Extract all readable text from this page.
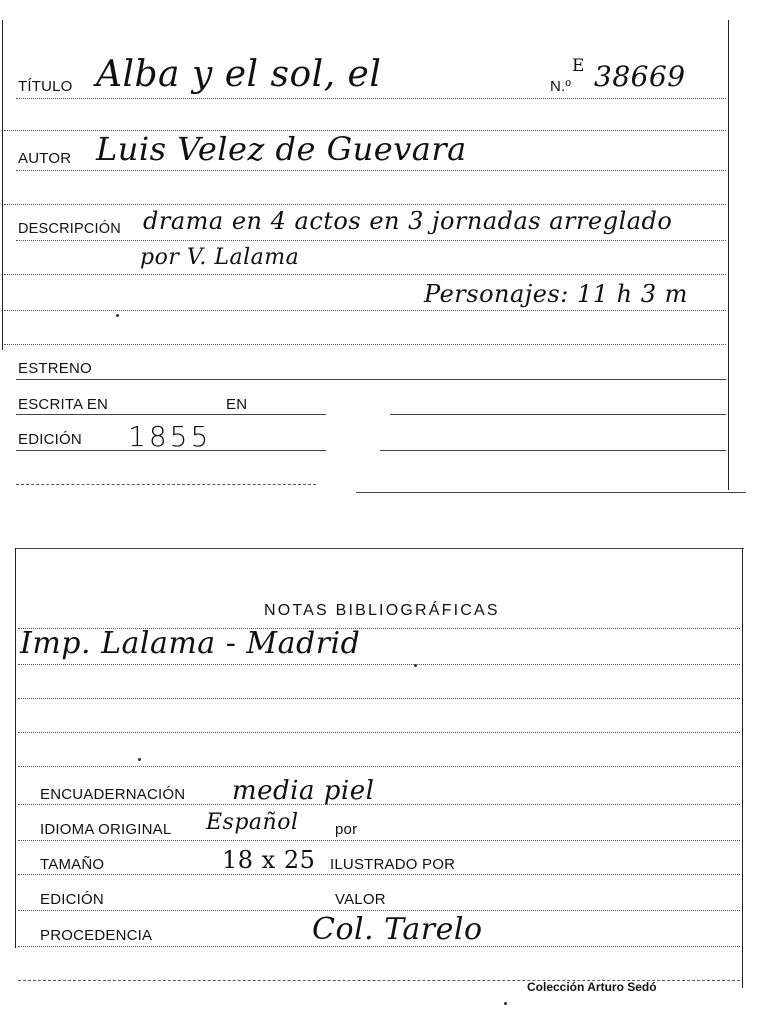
TÍTULO Alba y el sol, el	N.º
E 38669
AUTOR Luis Velez de Guevara
DESCRIPCIÓN drama en 4 actos en 3 jornadas arreglado
por V. Lalama
Personajes: 11 h 3 m
ESTRENO
ESCRITA EN	EN
EDICIÓN 1855
NOTAS BIBLIOGRÁFICAS
Imp. Lalama - Madrid
ENCUADERNACIÓN media piel
IDIOMA ORIGINAL Español por
TAMAÑO	18 x 25 ILUSTRADO POR
EDICIÓN	VALOR
PROCEDENCIA	Col. Tarelo
Colección Arturo Sedó
